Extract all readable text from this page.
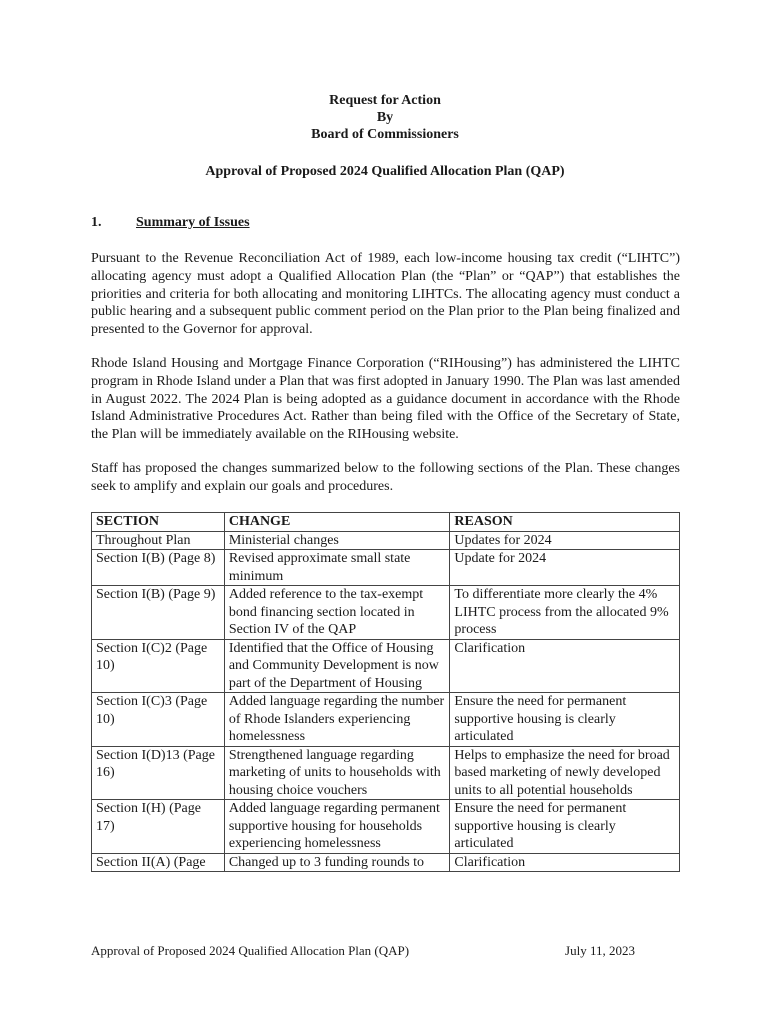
Request for Action
By
Board of Commissioners
Approval of Proposed 2024 Qualified Allocation Plan (QAP)
1. Summary of Issues
Pursuant to the Revenue Reconciliation Act of 1989, each low-income housing tax credit (“LIHTC”) allocating agency must adopt a Qualified Allocation Plan (the “Plan” or “QAP”) that establishes the priorities and criteria for both allocating and monitoring LIHTCs. The allocating agency must conduct a public hearing and a subsequent public comment period on the Plan prior to the Plan being finalized and presented to the Governor for approval.
Rhode Island Housing and Mortgage Finance Corporation (“RIHousing”) has administered the LIHTC program in Rhode Island under a Plan that was first adopted in January 1990. The Plan was last amended in August 2022. The 2024 Plan is being adopted as a guidance document in accordance with the Rhode Island Administrative Procedures Act. Rather than being filed with the Office of the Secretary of State, the Plan will be immediately available on the RIHousing website.
Staff has proposed the changes summarized below to the following sections of the Plan. These changes seek to amplify and explain our goals and procedures.
SECTION	CHANGE	REASON
Throughout Plan	Ministerial changes	Updates for 2024
Section I(B) (Page 8)	Revised approximate small state minimum	Update for 2024
Section I(B) (Page 9)	Added reference to the tax-exempt bond financing section located in Section IV of the QAP	To differentiate more clearly the 4% LIHTC process from the allocated 9% process
Section I(C)2 (Page 10)	Identified that the Office of Housing and Community Development is now part of the Department of Housing	Clarification
Section I(C)3 (Page 10)	Added language regarding the number of Rhode Islanders experiencing homelessness	Ensure the need for permanent supportive housing is clearly articulated
Section I(D)13 (Page 16)	Strengthened language regarding marketing of units to households with housing choice vouchers	Helps to emphasize the need for broad based marketing of newly developed units to all potential households
Section I(H) (Page 17)	Added language regarding permanent supportive housing for households experiencing homelessness	Ensure the need for permanent supportive housing is clearly articulated
Section II(A) (Page	Changed up to 3 funding rounds to	Clarification
Approval of Proposed 2024 Qualified Allocation Plan (QAP)	July 11, 2023
